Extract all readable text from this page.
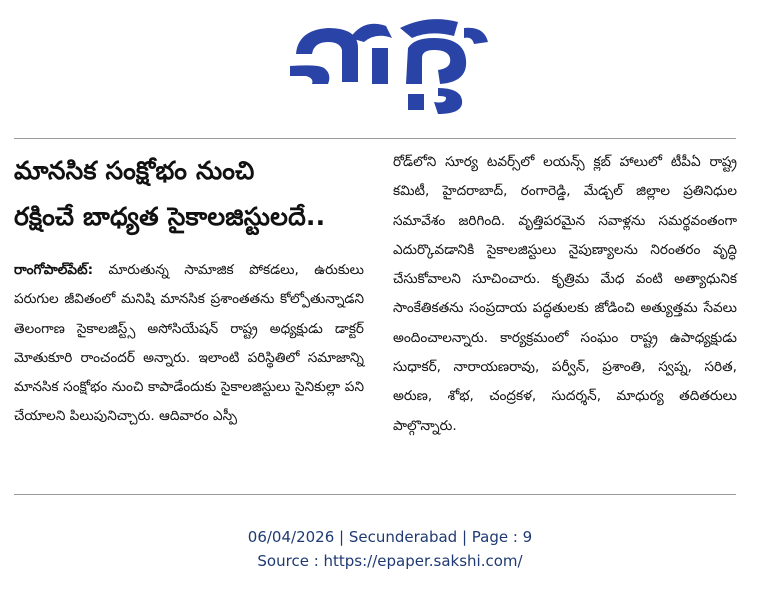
మానసిక సంక్షోభం నుంచి
రక్షించే బాధ్యత సైకాలజిస్టులదే..
రాంగోపాల్‌పేట్‌: మారుతున్న సామాజిక పోకడలు, ఉరుకులు పరుగుల జీవితంలో మనిషి మానసిక ప్రశాంతతను కోల్పోతున్నాడని తెలంగాణ సైకాలజిస్ట్స్‌ అసోసియేషన్‌ రాష్ట్ర అధ్యక్షుడు డాక్టర్‌ మోతుకూరి రాంచందర్‌ అన్నారు. ఇలాంటి పరిస్థితిలో సమాజాన్ని మానసిక సంక్షోభం నుంచి కాపాడేందుకు సైకాలజిస్టులు సైనికుల్లా పని చేయాలని పిలుపునిచ్చారు. ఆదివారం ఎస్పీ
రోడ్‌లోని సూర్య టవర్స్‌లో లయన్స్‌ క్లబ్‌ హాలులో టీపీఏ రాష్ట్ర కమిటీ, హైదరాబాద్‌, రంగారెడ్డి, మేడ్చల్‌ జిల్లాల ప్రతినిధుల సమావేశం జరిగింది. వృత్తిపరమైన సవాళ్లను సమర్థవంతంగా ఎదుర్కొవడానికి సైకాలజిస్టులు నైపుణ్యాలను నిరంతరం వృద్ధి చేసుకోవాలని సూచించారు. కృత్రిమ మేధ వంటి అత్యాధునిక సాంకేతికతను సంప్రదాయ పద్ధతులకు జోడించి అత్యుత్తమ సేవలు అందించాలన్నారు. కార్యక్రమంలో సంఘం రాష్ట్ర ఉపాధ్యక్షుడు సుధాకర్‌, నారాయణరావు, పర్వీన్‌, ప్రశాంతి, స్వప్న, సరిత, అరుణ, శోభ, చంద్రకళ, సుదర్శన్‌, మాధుర్య తదితరులు పాల్గొన్నారు.
06/04/2026 | Secunderabad | Page : 9
Source : https://epaper.sakshi.com/
